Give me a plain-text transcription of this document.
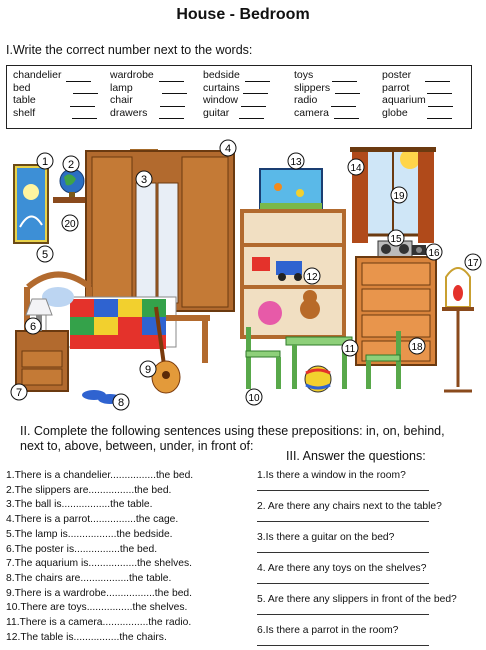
House - Bedroom
I.Write the correct number next to the words:
chandelier
bed
table
shelf
wardrobe
lamp
chair
drawers
bedside
curtains
window
guitar
toys
slippers
radio
camera
poster
parrot
aquarium
globe
1 2
3
4
5
6
7
8
9
10
11
12
13
14
15
16
17
18
19
20
II. Complete the following sentences using these prepositions: in, on, behind, next to, above, between, under, in front of:
III. Answer the questions:
1.There is a chandelier................the bed.
2.The slippers are................the bed.
3.The ball is.................the table.
4.There is a parrot................the cage.
5.The lamp is.................the bedside.
6.The poster is................the bed.
7.The aquarium is.................the shelves.
8.The chairs are.................the table.
9.There is a wardrobe.................the bed.
10.There are toys................the shelves.
11.There is a camera................the radio.
12.The table is................the chairs.
1.Is there a window in the room?
2. Are there any chairs next to the table?
3.Is there a guitar on the bed?
4. Are there any toys on the shelves?
5. Are there any slippers in front of the bed?
6.Is there a parrot in the room?
